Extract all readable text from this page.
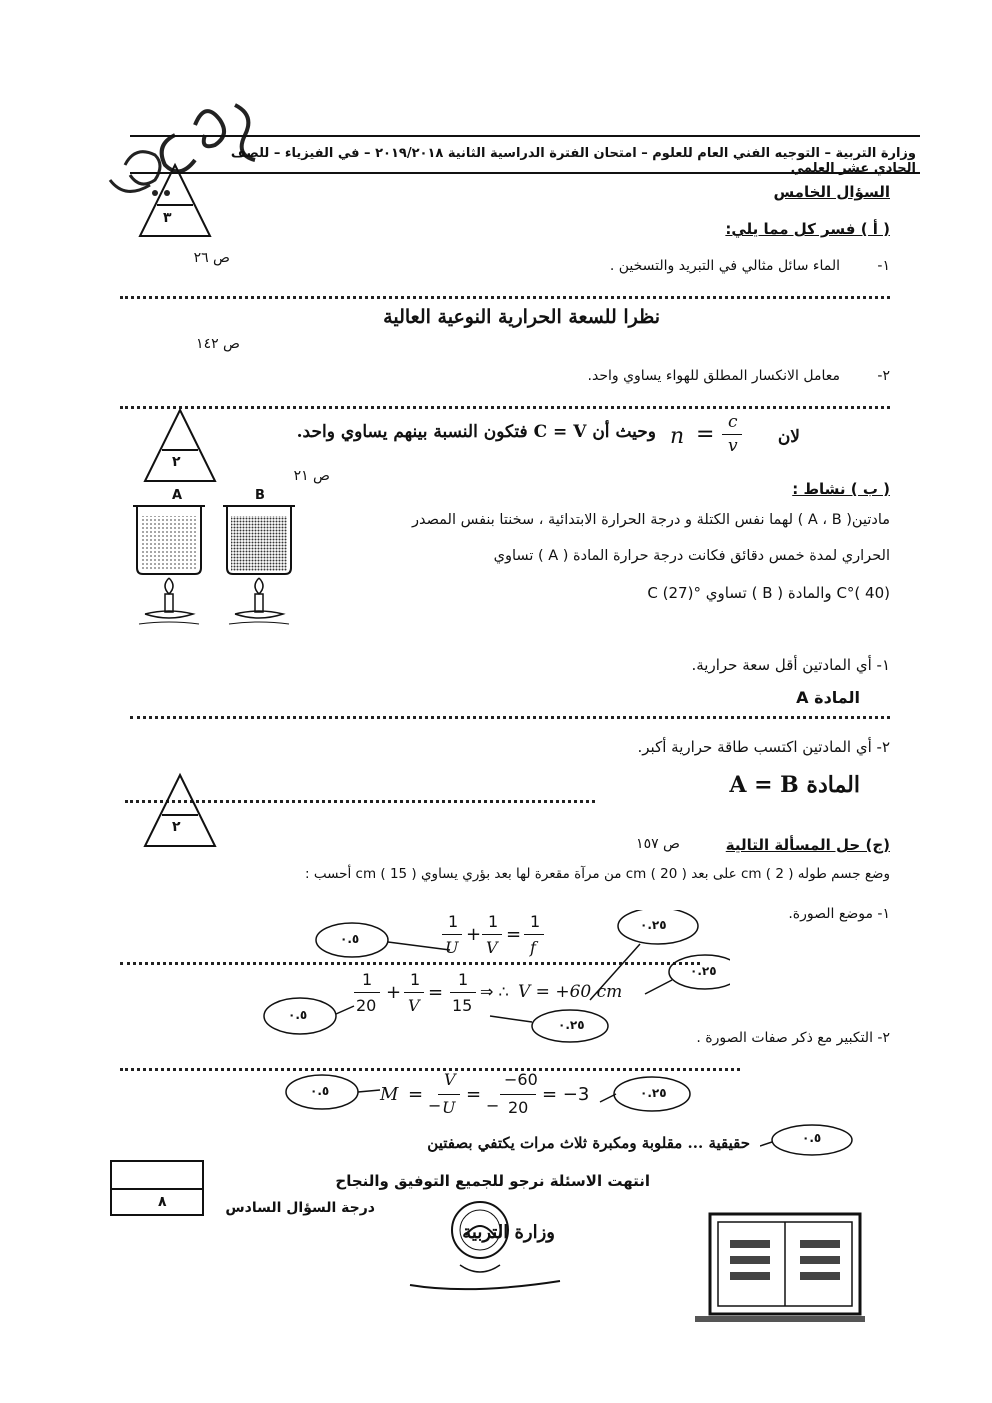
وزارة التربية – التوجيه الفني العام للعلوم – امتحان الفترة الدراسية الثانية ٢٠١٩/٢٠١٨ – في الفيزياء – للصف الحادي عشر العلمي
السؤال الخامس
٣
( أ ) فسر كل مما يلي:
ص ٢٦	١-
الماء سائل مثالي في التبريد والتسخين .
نظرا للسعة الحرارية النوعية العالية
ص ١٤٢
٢-
معامل الانكسار المطلق للهواء يساوي واحد.
٢
وحيث أن C = V فتكون النسبة بينهم يساوي واحد. n = c
v	لان
ص ٢١
( ب ) نشاط :
A	B
مادتين( A ، B ) لهما نفس الكتلة و درجة الحرارة الابتدائية ، سخنتا بنفس المصدر
الحراري لمدة خمس دقائق فكانت درجة حرارة المادة ( A ) تساوي
(40 )°C والمادة ( B ) تساوي °C (27)
١- أي المادتين أقل سعة حرارية.
المادة A
٢- أي المادتين اكتسب طاقة حرارية أكبر.
المادة A = B
٢
ص ١٥٧	(ج) حل المسألة التالية
وضع جسم طوله cm ( 2 ) على بعد cm ( 20 ) من مرآة مقعرة لها بعد بؤري يساوي cm ( 15 ) أحسب :
١- موضع الصورة.
1
U
+
1
V
=
1
f
1
20
+
1
V
=
1
15
⇒ ∴ V = +60 cm
٢- التكبير مع ذكر صفات الصورة .
M =
−
V
U
=
−
−60
20
= −3
حقيقية ... مقلوبة ومكبرة ثلاث مرات يكتفي بصفتين
٠.٥
٠.٢٥
٠.٢٥
٠.٥
٠.٢٥
٠.٥	٠.٢٥
٠.٥
٨
انتهت الاسئلة نرجو للجميع التوفيق والنجاح
درجة السؤال السادس
وزارة التربية
